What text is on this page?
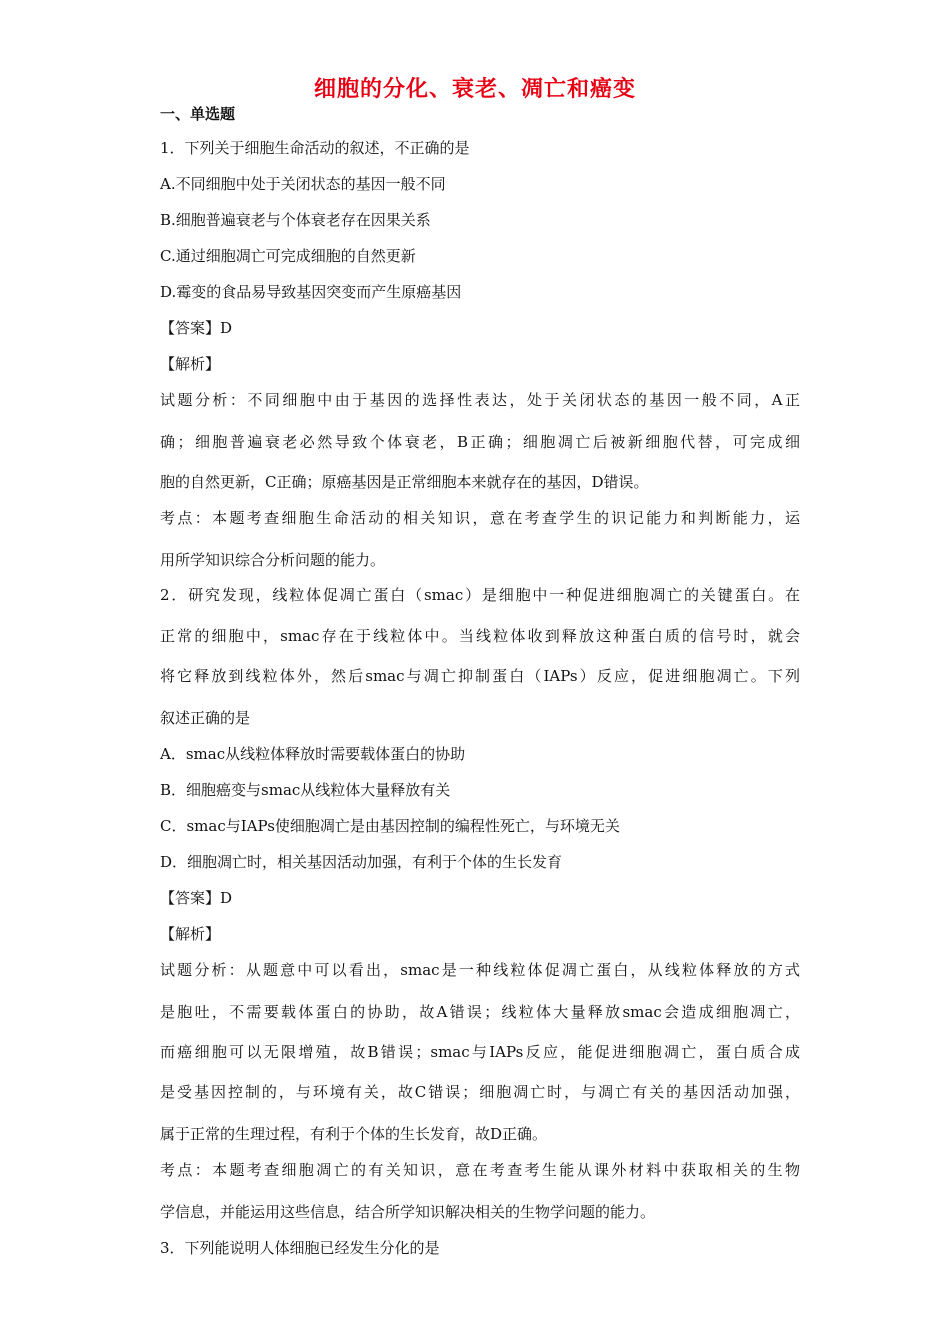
细胞的分化、衰老、凋亡和癌变
一、单选题
1．下列关于细胞生命活动的叙述，不正确的是
A.不同细胞中处于关闭状态的基因一般不同
B.细胞普遍衰老与个体衰老存在因果关系
C.通过细胞凋亡可完成细胞的自然更新
D.霉变的食品易导致基因突变而产生原癌基因
【答案】D
【解析】
试题分析：不同细胞中由于基因的选择性表达，处于关闭状态的基因一般不同，A正
确；细胞普遍衰老必然导致个体衰老，B正确；细胞凋亡后被新细胞代替，可完成细
胞的自然更新，C正确；原癌基因是正常细胞本来就存在的基因，D错误。
考点：本题考查细胞生命活动的相关知识，意在考查学生的识记能力和判断能力，运
用所学知识综合分析问题的能力。
2．研究发现，线粒体促凋亡蛋白（smac）是细胞中一种促进细胞凋亡的关键蛋白。在
正常的细胞中，smac存在于线粒体中。当线粒体收到释放这种蛋白质的信号时，就会
将它释放到线粒体外，然后smac与凋亡抑制蛋白（IAPs）反应，促进细胞凋亡。下列
叙述正确的是
A．smac从线粒体释放时需要载体蛋白的协助
B．细胞癌变与smac从线粒体大量释放有关
C．smac与IAPs使细胞凋亡是由基因控制的编程性死亡，与环境无关
D．细胞凋亡时，相关基因活动加强，有利于个体的生长发育
【答案】D
【解析】
试题分析：从题意中可以看出，smac是一种线粒体促凋亡蛋白，从线粒体释放的方式
是胞吐，不需要载体蛋白的协助，故A错误；线粒体大量释放smac会造成细胞凋亡，
而癌细胞可以无限增殖，故B错误；smac与IAPs反应，能促进细胞凋亡，蛋白质合成
是受基因控制的，与环境有关，故C错误；细胞凋亡时，与凋亡有关的基因活动加强，
属于正常的生理过程，有利于个体的生长发育，故D正确。
考点：本题考查细胞凋亡的有关知识，意在考查考生能从课外材料中获取相关的生物
学信息，并能运用这些信息，结合所学知识解决相关的生物学问题的能力。
3．下列能说明人体细胞已经发生分化的是
